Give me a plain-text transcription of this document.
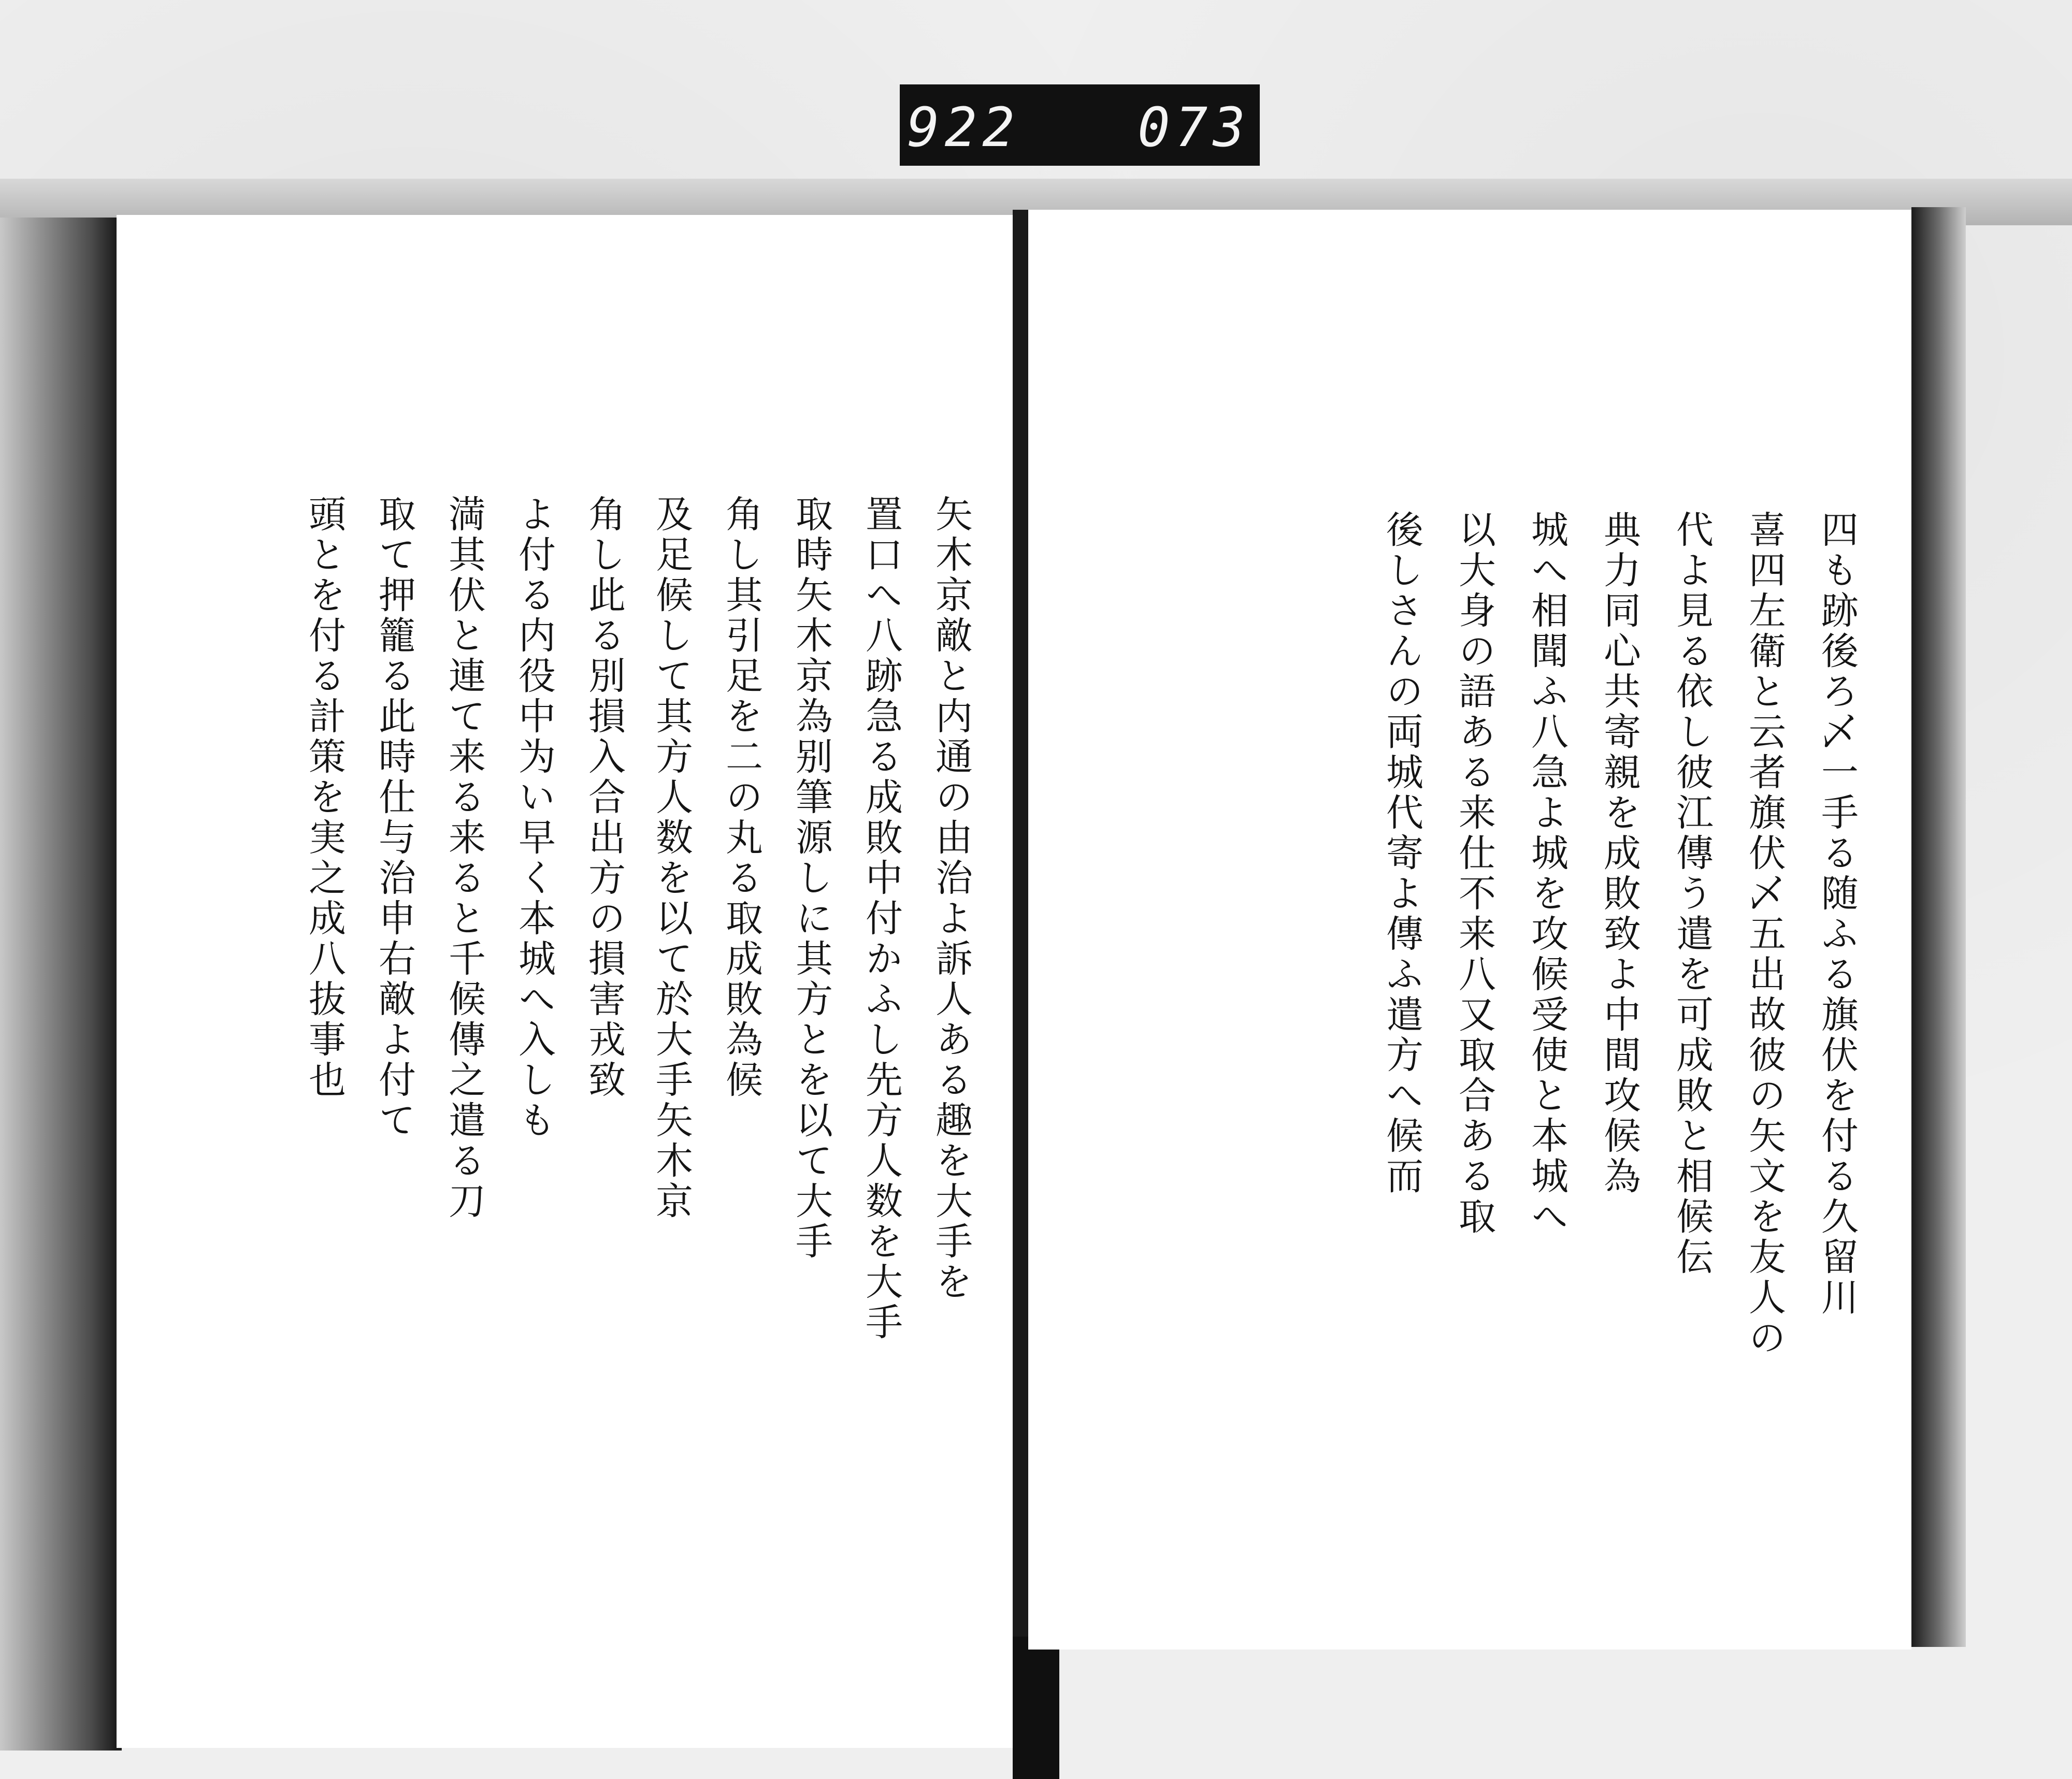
922 073
矢木京敵と内通の由治よ訴人ある趣を大手を
置口へ八跡急る成敗中付かふし先方人数を大手
取時矢木京為别筆源しに其方とを以て大手
角し其引足を二の丸る取成敗為候
及足候して其方人数を以て於大手矢木京
角し此る別損入合出方の損害戎致
よ付る内役中为い早く本城へ入しも
満其伏と連て来る来ると千候傳之遣る刀
取て押籠る此時仕与治申右敵よ付て
頭とを付る計策を実之成八抜事也	四も跡後ろ乄一手る随ふる旗伏を付る久留川
喜四左衛と云者旗伏乄五出故彼の矢文を友人の
代よ見る依し彼江傳う遣を可成敗と相候伝
典力同心共寄親を成敗致よ中間攻候為
城へ相聞ふ八急よ城を攻候受使と本城へ
以大身の語ある来仕不来八又取合ある取
後しさんの両城代寄よ傳ふ遣方へ候而
